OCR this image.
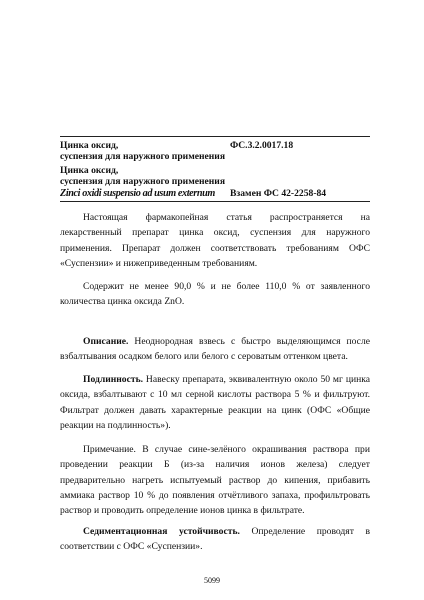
Цинка оксид,
суспензия для наружного применения
ФС.3.2.0017.18
Цинка оксид,
суспензия для наружного применения
Zinci oxidi suspensio ad usum externum	Взамен ФС 42-2258-84
Настоящая фармакопейная статья распространяется на лекарственный препарат цинка оксид, суспензия для наружного применения. Препарат должен соответствовать требованиям ОФС «Суспензии» и нижеприведенным требованиям.
Содержит не менее 90,0 % и не более 110,0 % от заявленного количества цинка оксида ZnO.
Описание. Неоднородная взвесь с быстро выделяющимся после взбалтывания осадком белого или белого с сероватым оттенком цвета.
Подлинность. Навеску препарата, эквивалентную около 50 мг цинка оксида, взбалтывают с 10 мл серной кислоты раствора 5 % и фильтруют. Фильтрат должен давать характерные реакции на цинк (ОФС «Общие реакции на подлинность»).
Примечание. В случае сине-зелёного окрашивания раствора при проведении реакции Б (из-за наличия ионов железа) следует предварительно нагреть испытуемый раствор до кипения, прибавить аммиака раствор 10 % до появления отчётливого запаха, профильтровать раствор и проводить определение ионов цинка в фильтрате.
Седиментационная устойчивость. Определение проводят в соответствии с ОФС «Суспензии».
5099
